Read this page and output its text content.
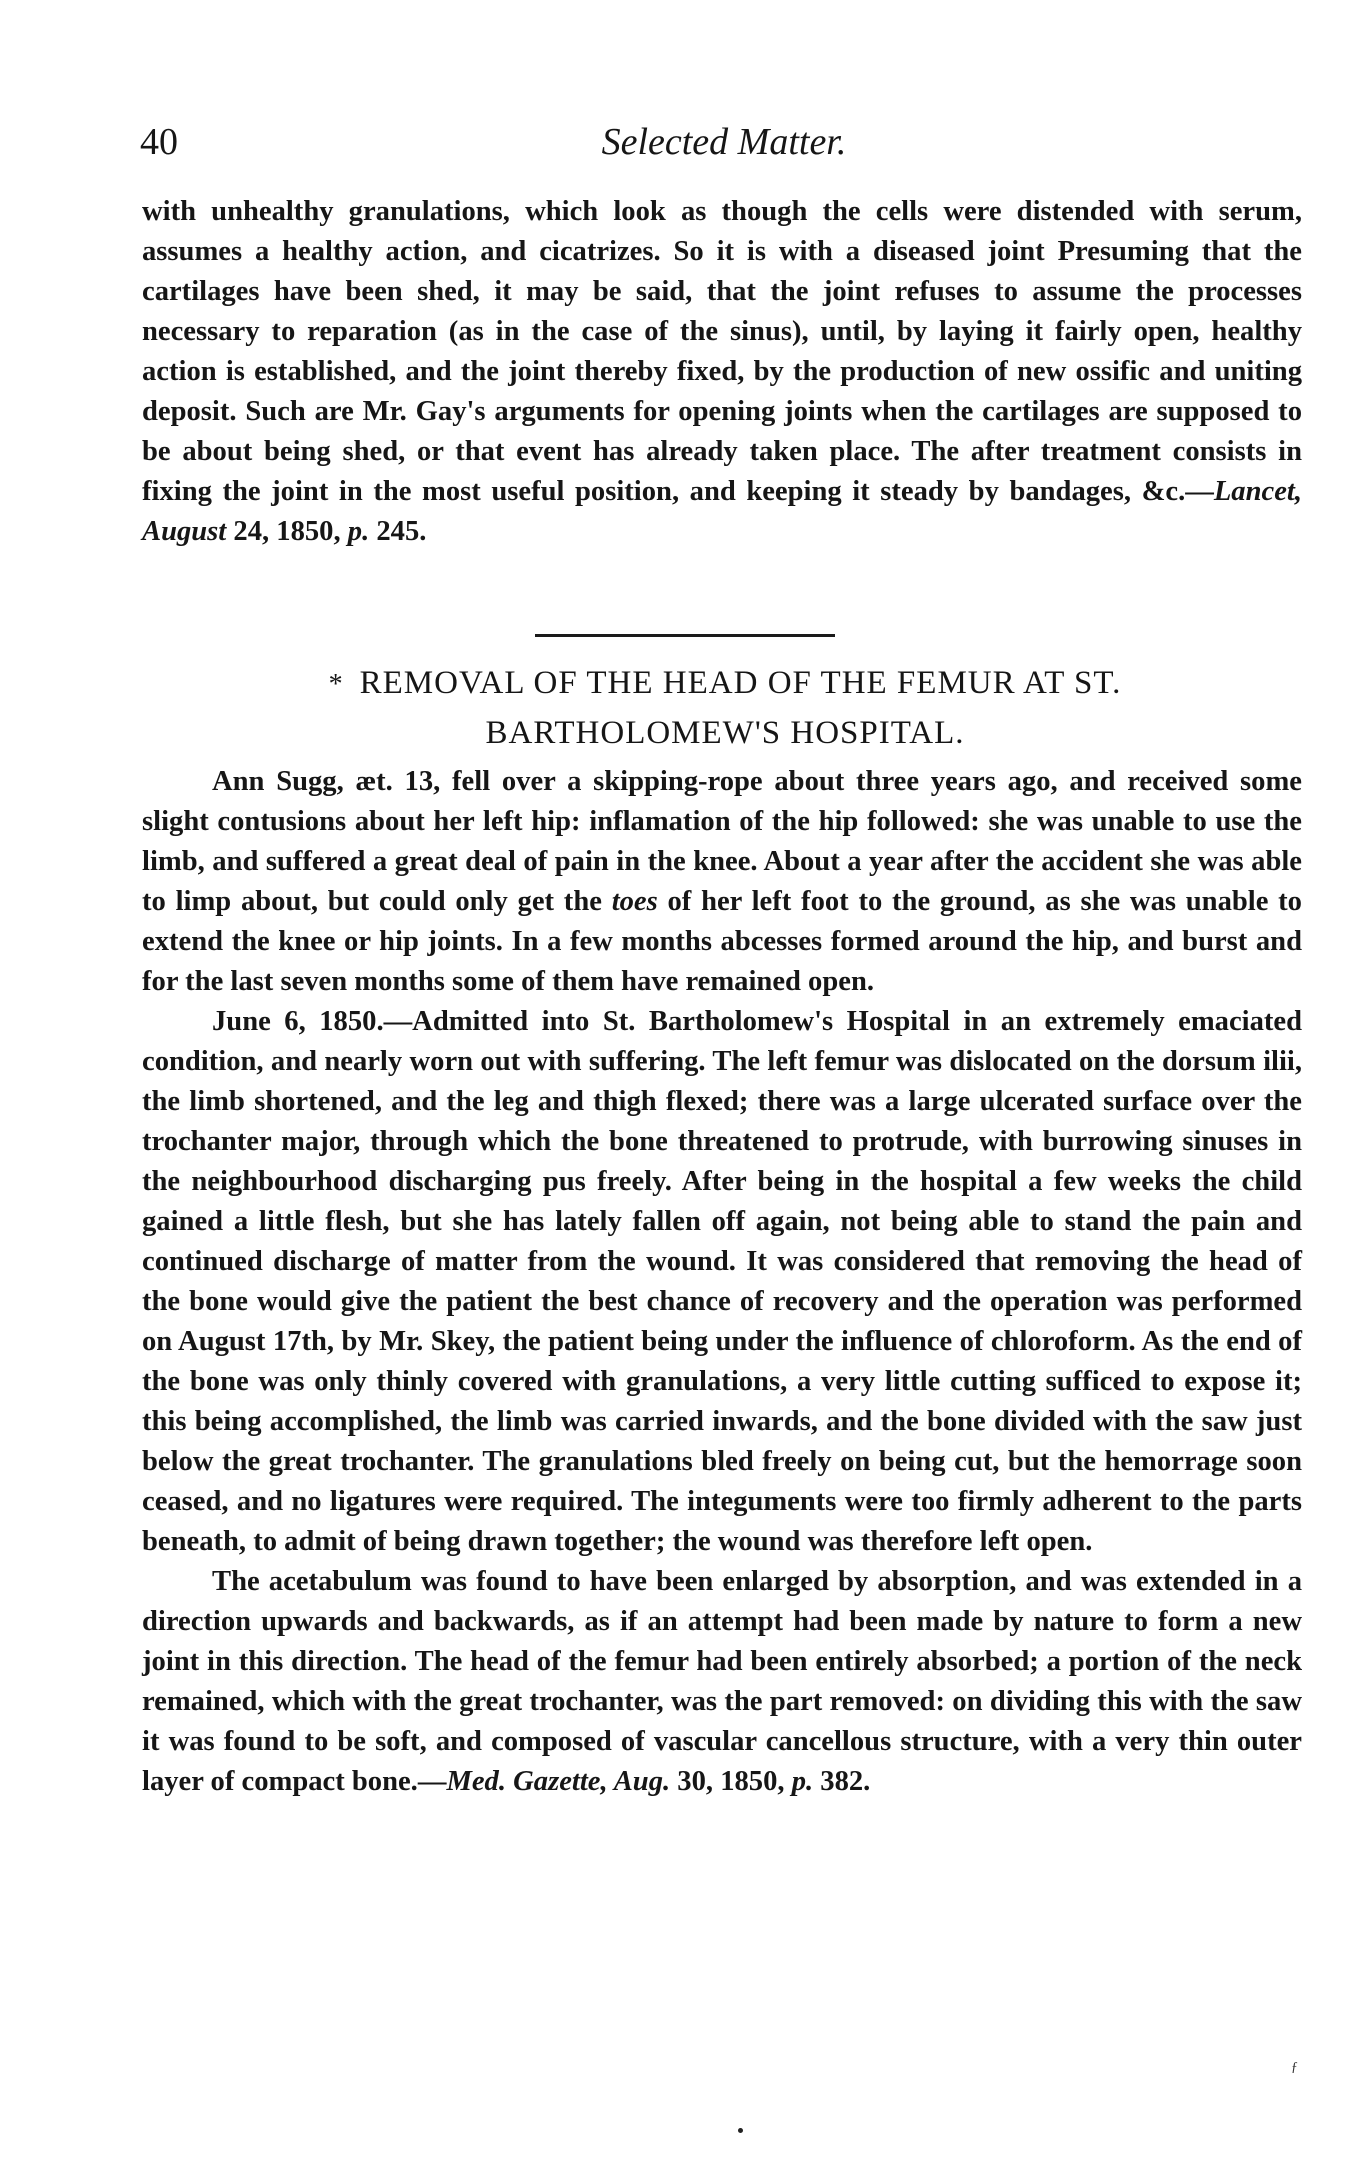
40	Selected Matter.

with unhealthy granulations, which look as though the cells were distended with serum, assumes a healthy action, and cicatrizes. So it is with a diseased joint Presuming that the cartilages have been shed, it may be said, that the joint refuses to assume the processes necessary to reparation (as in the case of the sinus), until, by laying it fairly open, healthy action is established, and the joint thereby fixed, by the production of new ossific and uniting deposit. Such are Mr. Gay's arguments for opening joints when the cartilages are supposed to be about being shed, or that event has already taken place. The after treatment consists in fixing the joint in the most useful position, and keeping it steady by bandages, &c.—Lancet, August 24, 1850, p. 245.

* REMOVAL OF THE HEAD OF THE FEMUR AT ST.
BARTHOLOMEW'S HOSPITAL.

Ann Sugg, æt. 13, fell over a skipping-rope about three years ago, and received some slight contusions about her left hip: inflamation of the hip followed: she was unable to use the limb, and suffered a great deal of pain in the knee. About a year after the accident she was able to limp about, but could only get the toes of her left foot to the ground, as she was unable to extend the knee or hip joints. In a few months abcesses formed around the hip, and burst and for the last seven months some of them have remained open.

June 6, 1850.—Admitted into St. Bartholomew's Hospital in an extremely emaciated condition, and nearly worn out with suffering. The left femur was dislocated on the dorsum ilii, the limb shortened, and the leg and thigh flexed; there was a large ulcerated surface over the trochanter major, through which the bone threatened to protrude, with burrowing sinuses in the neighbourhood discharging pus freely. After being in the hospital a few weeks the child gained a little flesh, but she has lately fallen off again, not being able to stand the pain and continued discharge of matter from the wound. It was considered that removing the head of the bone would give the patient the best chance of recovery and the operation was performed on August 17th, by Mr. Skey, the patient being under the influence of chloroform. As the end of the bone was only thinly covered with granulations, a very little cutting sufficed to expose it; this being accomplished, the limb was carried inwards, and the bone divided with the saw just below the great trochanter. The granulations bled freely on being cut, but the hemorrage soon ceased, and no ligatures were required. The integuments were too firmly adherent to the parts beneath, to admit of being drawn together; the wound was therefore left open.

The acetabulum was found to have been enlarged by absorption, and was extended in a direction upwards and backwards, as if an attempt had been made by nature to form a new joint in this direction. The head of the femur had been entirely absorbed; a portion of the neck remained, which with the great trochanter, was the part removed: on dividing this with the saw it was found to be soft, and composed of vascular cancellous structure, with a very thin outer layer of compact bone.—Med. Gazette, Aug. 30, 1850, p. 382.

ƒ
